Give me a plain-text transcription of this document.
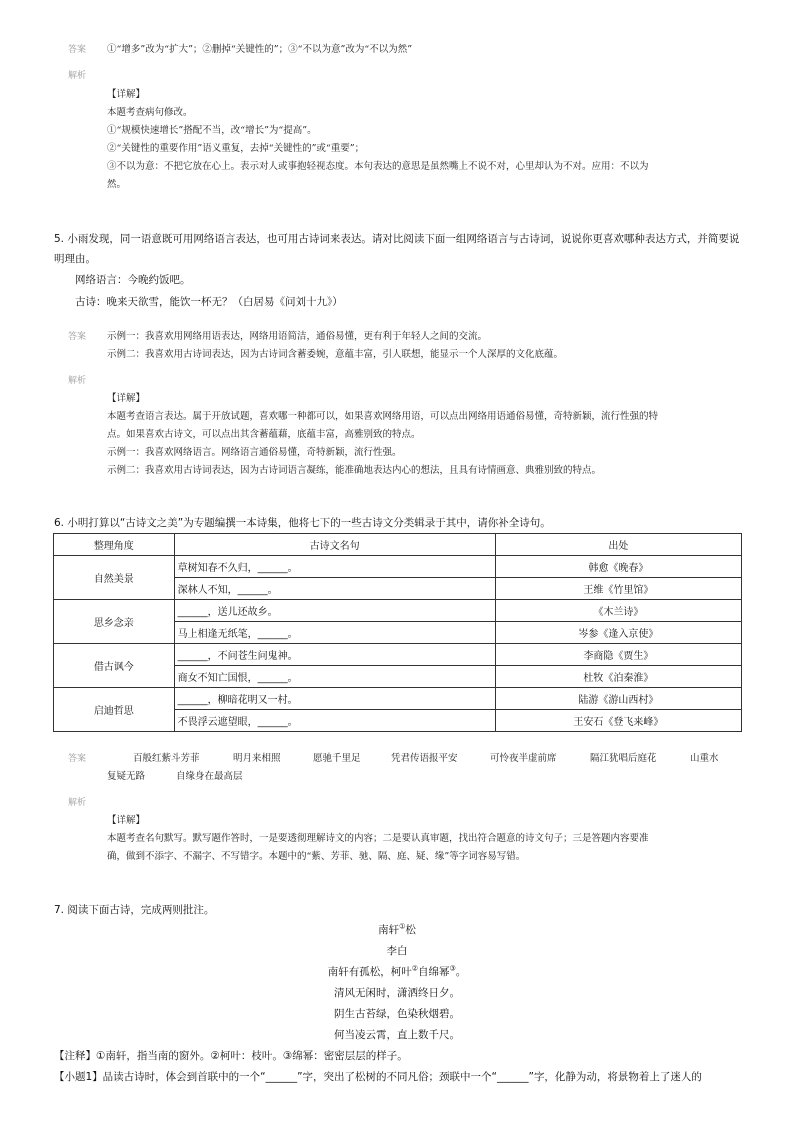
答案 ①“增多”改为“扩大”；②删掉“关键性的”；③“不以为意”改为“不以为然”
解析
【详解】
本题考查病句修改。
①“规模快速增长”搭配不当，改“增长”为“提高”。
②“关键性的重要作用”语义重复，去掉“关键性的”或“重要”；
③不以为意：不把它放在心上。表示对人或事抱轻视态度。本句表达的意思是虽然嘴上不说不对，心里却认为不对。应用：不以为
然。
5. 小雨发现，同一语意既可用网络语言表达，也可用古诗词来表达。请对比阅读下面一组网络语言与古诗词，说说你更喜欢哪种表达方式，并简要说
明理由。
网络语言：今晚约饭吧。
古诗：晚来天欲雪，能饮一杯无？（白居易《问刘十九》）
答案 示例一：我喜欢用网络用语表达，网络用语简洁，通俗易懂，更有利于年轻人之间的交流。
示例二：我喜欢用古诗词表达，因为古诗词含蓄委婉，意蕴丰富，引人联想，能显示一个人深厚的文化底蕴。
解析
【详解】
本题考查语言表达。属于开放试题，喜欢哪一种都可以，如果喜欢网络用语，可以点出网络用语通俗易懂，奇特新颖，流行性强的特
点。如果喜欢古诗文，可以点出其含蓄蕴藉，底蕴丰富，高雅别致的特点。
示例一：我喜欢网络语言。网络语言通俗易懂，奇特新颖，流行性强。
示例二：我喜欢用古诗词表达，因为古诗词语言凝练，能准确地表达内心的想法，且具有诗情画意、典雅别致的特点。
6. 小明打算以“古诗文之美”为专题编撰一本诗集，他将七下的一些古诗文分类辑录于其中，请你补全诗句。
整理角度	古诗文名句	出处
自然美景	草树知春不久归，______。	韩愈《晚春》
	深林人不知，______。	王维《竹里馆》
思乡念亲	______，送儿还故乡。	《木兰诗》
	马上相逢无纸笔，______。	岑参《逢入京使》
借古讽今	______，不问苍生问鬼神。	李商隐《贾生》
	商女不知亡国恨，______。	杜牧《泊秦淮》
启迪哲思	______，柳暗花明又一村。	陆游《游山西村》
	不畏浮云遮望眼，______。	王安石《登飞来峰》
答案	百般红紫斗芳菲	明月来相照	愿驰千里足	凭君传语报平安	可怜夜半虚前席	隔江犹唱后庭花	山重水
复疑无路	自缘身在最高层
解析
【详解】
本题考查名句默写。默写题作答时，一是要透彻理解诗文的内容；二是要认真审题，找出符合题意的诗文句子；三是答题内容要准
确，做到不添字、不漏字、不写错字。本题中的“紫、芳菲、驰、隔、庭、疑、缘”等字词容易写错。
7. 阅读下面古诗，完成两则批注。
南轩①松
李白
南轩有孤松，柯叶②自绵幂③。
清风无闲时，潇洒终日夕。
阴生古苔绿，色染秋烟碧。
何当凌云霄，直上数千尺。
【注释】①南轩，指当南的窗外。②柯叶：枝叶。③绵幂：密密层层的样子。
【小题1】品读古诗时，体会到首联中的一个“______”字，突出了松树的不同凡俗；颈联中一个“______”字，化静为动，将景物着上了迷人的
